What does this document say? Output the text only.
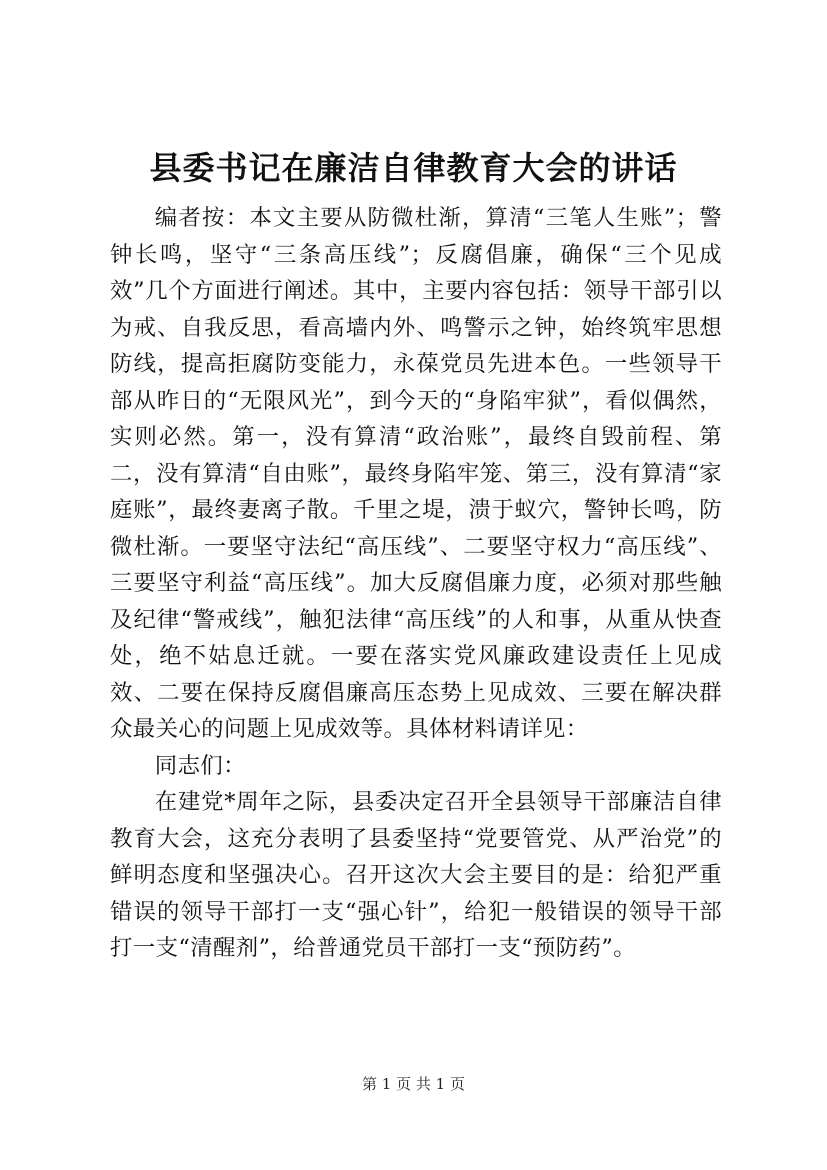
县委书记在廉洁自律教育大会的讲话

编者按：本文主要从防微杜渐，算清“三笔人生账”；警钟长鸣，坚守“三条高压线”；反腐倡廉，确保“三个见成效”几个方面进行阐述。其中，主要内容包括：领导干部引以为戒、自我反思，看高墙内外、鸣警示之钟，始终筑牢思想防线，提高拒腐防变能力，永葆党员先进本色。一些领导干部从昨日的“无限风光”，到今天的“身陷牢狱”，看似偶然，实则必然。第一，没有算清“政治账”，最终自毁前程、第二，没有算清“自由账”，最终身陷牢笼、第三，没有算清“家庭账”，最终妻离子散。千里之堤，溃于蚁穴，警钟长鸣，防微杜渐。一要坚守法纪“高压线”、二要坚守权力“高压线”、三要坚守利益“高压线”。加大反腐倡廉力度，必须对那些触及纪律“警戒线”，触犯法律“高压线”的人和事，从重从快查处，绝不姑息迁就。一要在落实党风廉政建设责任上见成效、二要在保持反腐倡廉高压态势上见成效、三要在解决群众最关心的问题上见成效等。具体材料请详见：

同志们：

在建党*周年之际，县委决定召开全县领导干部廉洁自律教育大会，这充分表明了县委坚持“党要管党、从严治党”的鲜明态度和坚强决心。召开这次大会主要目的是：给犯严重错误的领导干部打一支“强心针”，给犯一般错误的领导干部打一支“清醒剂”，给普通党员干部打一支“预防药”。

第 1 页 共 1 页
